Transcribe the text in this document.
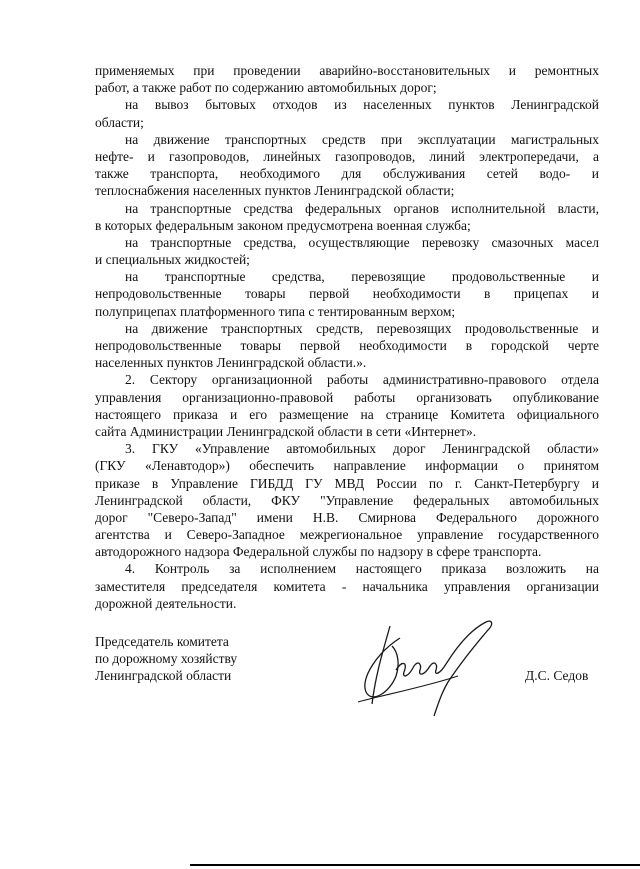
применяемых при проведении аварийно-восстановительных и ремонтных
работ, а также работ по содержанию автомобильных дорог;
на вывоз бытовых отходов из населенных пунктов Ленинградской
области;
на движение транспортных средств при эксплуатации магистральных
нефте- и газопроводов, линейных газопроводов, линий электропередачи, а
также транспорта, необходимого для обслуживания сетей водо- и
теплоснабжения населенных пунктов Ленинградской области;
на транспортные средства федеральных органов исполнительной власти,
в которых федеральным законом предусмотрена военная служба;
на транспортные средства, осуществляющие перевозку смазочных масел
и специальных жидкостей;
на транспортные средства, перевозящие продовольственные и
непродовольственные товары первой необходимости в прицепах и
полуприцепах платформенного типа с тентированным верхом;
на движение транспортных средств, перевозящих продовольственные и
непродовольственные товары первой необходимости в городской черте
населенных пунктов Ленинградской области.».
2. Сектору организационной работы административно-правового отдела
управления организационно-правовой работы организовать опубликование
настоящего приказа и его размещение на странице Комитета официального
сайта Администрации Ленинградской области в сети «Интернет».
3. ГКУ «Управление автомобильных дорог Ленинградской области»
(ГКУ «Ленавтодор») обеспечить направление информации о принятом
приказе в Управление ГИБДД ГУ МВД России по г. Санкт-Петербургу и
Ленинградской области, ФКУ "Управление федеральных автомобильных
дорог "Северо-Запад" имени Н.В. Смирнова Федерального дорожного
агентства и Северо-Западное межрегиональное управление государственного
автодорожного надзора Федеральной службы по надзору в сфере транспорта.
4. Контроль за исполнением настоящего приказа возложить на
заместителя председателя комитета - начальника управления организации
дорожной деятельности.
Председатель комитета
по дорожному хозяйству
Ленинградской области	Д.С. Седов
